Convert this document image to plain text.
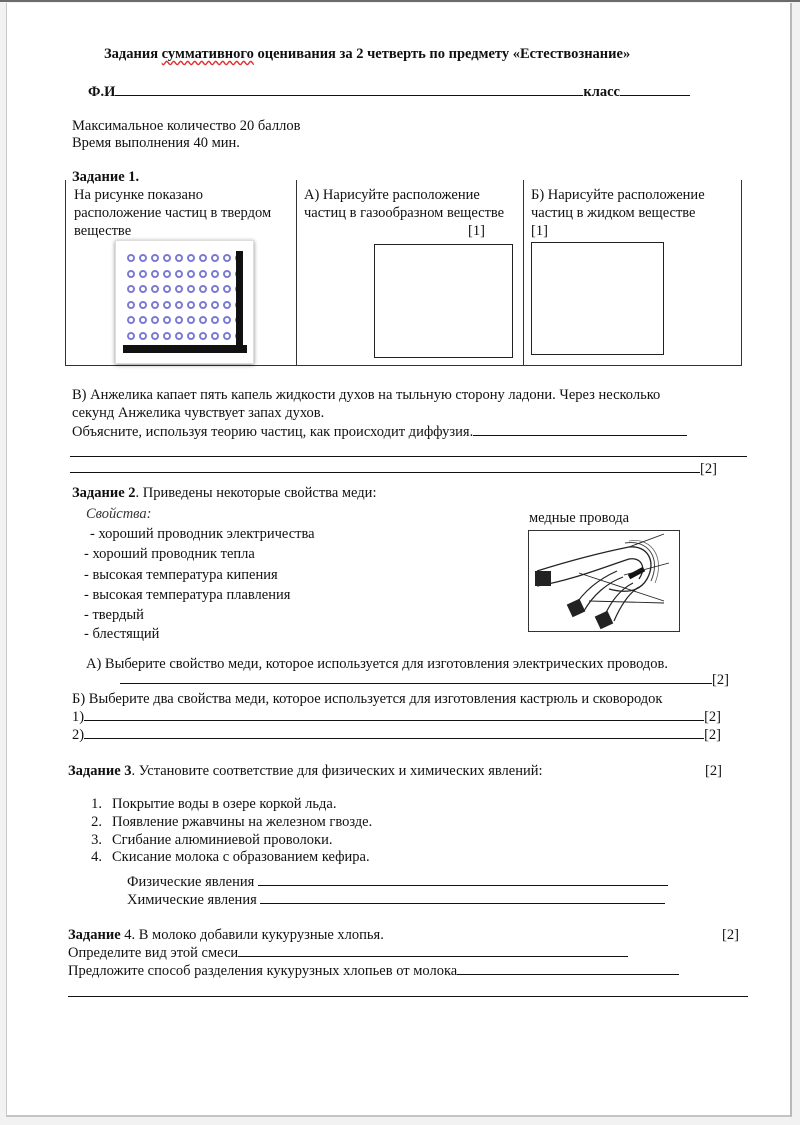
Задания суммативного оценивания за 2 четверть по предмету «Естествознание»
Ф.И	класс
Максимальное количество 20 баллов
Время выполнения 40 мин.
Задание 1.
На рисунке показано расположение частиц в твердом веществе
А) Нарисуйте расположение частиц в газообразном веществе
[1]
Б) Нарисуйте расположение частиц в жидком веществе
[1]
В) Анжелика капает пять капель жидкости духов на тыльную сторону ладони. Через несколько
секунд Анжелика чувствует запах духов.
Объясните, используя теорию частиц, как происходит диффузия.
[2]
Задание 2. Приведены некоторые свойства меди:
Свойства:
- хороший проводник электричества
- хороший проводник тепла
- высокая температура кипения
- высокая температура плавления
- твердый
- блестящий
медные провода
А) Выберите свойство меди, которое используется для изготовления электрических проводов.
[2]
Б) Выберите два свойства меди, которое используется для изготовления кастрюль и сковородок
1)	[2]
2)	[2]
Задание 3. Установите соответствие для физических и химических явлений:	[2]
1. Покрытие воды в озере коркой льда.
2. Появление ржавчины на железном гвозде.
3. Сгибание алюминиевой проволоки.
4. Скисание молока с образованием кефира.
Физические явления
Химические явления
Задание 4. В молоко добавили кукурузные хлопья.	[2]
Определите вид этой смеси
Предложите способ разделения кукурузных хлопьев от молока
